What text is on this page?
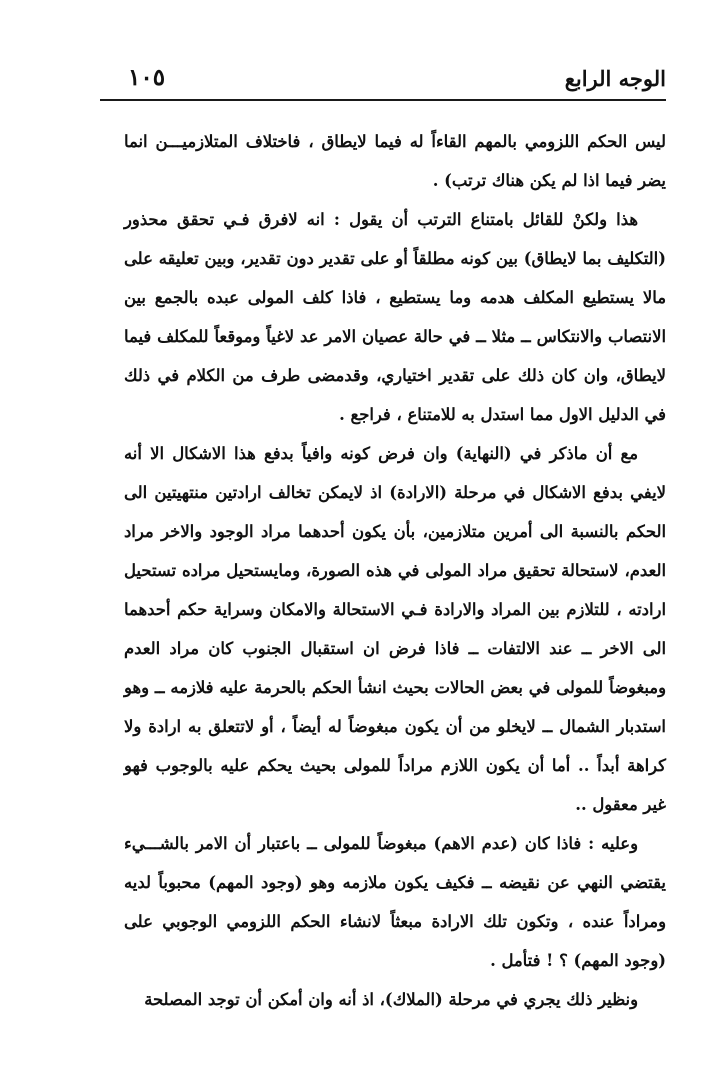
الوجه الرابع
١٠٥

ليس الحكم اللزومي بالمهم القاءاً له فيما لايطاق ، فاختلاف المتلازميـــن انما يضر فيما اذا لم يكن هناك ترتب) .

هذا ولكنْ للقائل بامتناع الترتب أن يقول : انه لافرق فـي تحقق محذور (التكليف بما لايطاق) بين كونه مطلقاً أو على تقدير دون تقدير، وبين تعليقه على مالا يستطيع المكلف هدمه وما يستطيع ، فاذا كلف المولى عبده بالجمع بين الانتصاب والانتكاس ــ مثلا ــ في حالة عصيان الامر عد لاغياً وموقعاً للمكلف فيما لايطاق، وان كان ذلك على تقدير اختياري، وقدمضى طرف من الكلام في ذلك في الدليل الاول مما استدل به للامتناع ، فراجع .

مع أن ماذكر في (النهاية) وان فرض كونه وافياً بدفع هذا الاشكال الا أنه لايفي بدفع الاشكال في مرحلة (الارادة) اذ لايمكن تخالف ارادتين منتهيتين الى الحكم بالنسبة الى أمرين متلازمين، بأن يكون أحدهما مراد الوجود والاخر مراد العدم، لاستحالة تحقيق مراد المولى في هذه الصورة، ومايستحيل مراده تستحيل ارادته ، للتلازم بين المراد والارادة فـي الاستحالة والامكان وسراية حكم أحدهما الى الاخر ــ عند الالتفات ــ فاذا فرض ان استقبال الجنوب كان مراد العدم ومبغوضاً للمولى في بعض الحالات بحيث انشأ الحكم بالحرمة عليه فلازمه ــ وهو استدبار الشمال ــ لايخلو من أن يكون مبغوضاً له أيضاً ، أو لاتتعلق به ارادة ولا كراهة أبداً .. أما أن يكون اللازم مراداً للمولى بحيث يحكم عليه بالوجوب فهو غير معقول ..

وعليه : فاذا كان (عدم الاهم) مبغوضاً للمولى ــ باعتبار أن الامر بالشـــيء يقتضي النهي عن نقيضه ــ فكيف يكون ملازمه وهو (وجود المهم) محبوباً لديه ومراداً عنده ، وتكون تلك الارادة مبعثاً لانشاء الحكم اللزومي الوجوبي على (وجود المهم) ؟ ! فتأمل .

ونظير ذلك يجري في مرحلة (الملاك)، اذ أنه وان أمكن أن توجد المصلحة
